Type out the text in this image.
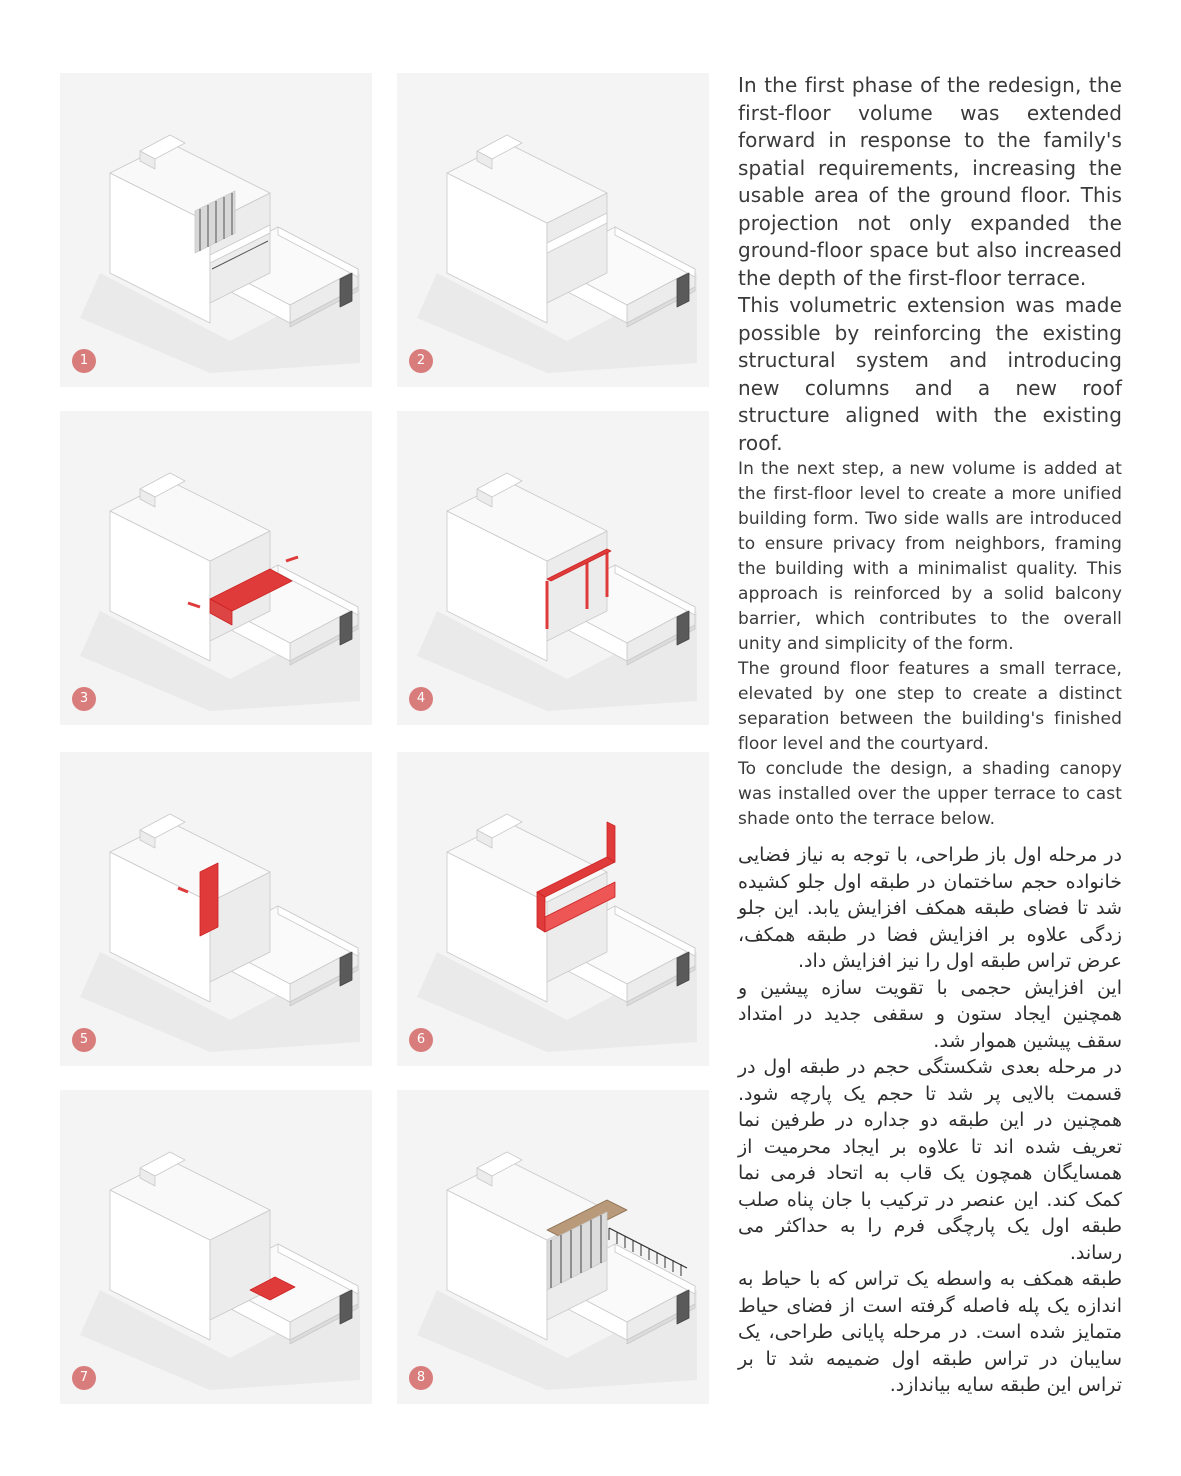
1	2
3	4
5	6
7	8

In the first phase of the redesign, the first-floor volume was extended forward in response to the family's spatial requirements, increasing the usable area of the ground floor. This projection not only expanded the ground-floor space but also increased the depth of the first-floor terrace.

This volumetric extension was made possible by reinforcing the existing structural system and introducing new columns and a new roof structure aligned with the existing roof.

In the next step, a new volume is added at the first-floor level to create a more unified building form. Two side walls are introduced to ensure privacy from neighbors, framing the building with a minimalist quality. This approach is reinforced by a solid balcony barrier, which contributes to the overall unity and simplicity of the form.

The ground floor features a small terrace, elevated by one step to create a distinct separation between the building's finished floor level and the courtyard.

To conclude the design, a shading canopy was installed over the upper terrace to cast shade onto the terrace below.

در مرحله اول باز طراحی، با توجه به نیاز فضایی خانواده حجم ساختمان در طبقه اول جلو کشیده شد تا فضای طبقه همکف افزایش یابد. این جلو زدگی علاوه بر افزایش فضا در طبقه همکف، عرض تراس طبقه اول را نیز افزایش داد.

این افزایش حجمی با تقویت سازه پیشین و همچنین ایجاد ستون و سقفی جدید در امتداد سقف پیشین هموار شد.

در مرحله بعدی شکستگی حجم در طبقه اول در قسمت بالایی پر شد تا حجم یک پارچه شود. همچنین در این طبقه دو جداره در طرفین نما تعریف شده اند تا علاوه بر ایجاد محرمیت از همسایگان همچون یک قاب به اتحاد فرمی نما کمک کند. این عنصر در ترکیب با جان پناه صلب طبقه اول یک پارچگی فرم را به حداکثر می رساند.

طبقه همکف به واسطه یک تراس که با حیاط به اندازه یک پله فاصله گرفته است از فضای حیاط متمایز شده است. در مرحله پایانی طراحی، یک سایبان در تراس طبقه اول ضمیمه شد تا بر تراس این طبقه سایه بیاندازد.
